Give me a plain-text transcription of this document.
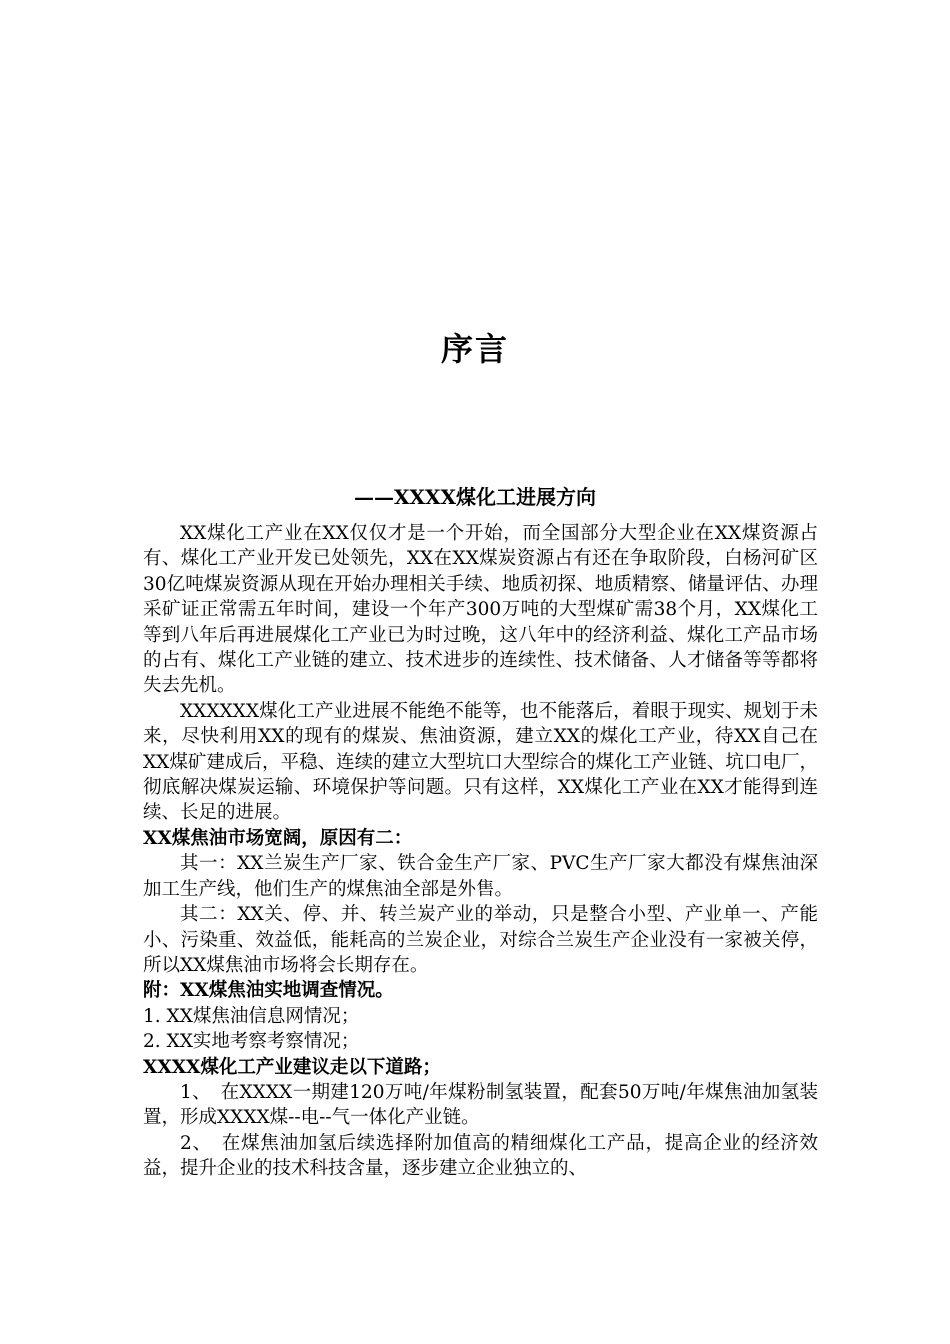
序言
——XXXX煤化工进展方向

XX煤化工产业在XX仅仅才是一个开始，而全国部分大型企业在XX煤资源占有、煤化工产业开发已处领先，XX在XX煤炭资源占有还在争取阶段，白杨河矿区30亿吨煤炭资源从现在开始办理相关手续、地质初探、地质精察、储量评估、办理采矿证正常需五年时间，建设一个年产300万吨的大型煤矿需38个月，XX煤化工等到八年后再进展煤化工产业已为时过晚，这八年中的经济利益、煤化工产品市场的占有、煤化工产业链的建立、技术进步的连续性、技术储备、人才储备等等都将失去先机。

XXXXXX煤化工产业进展不能绝不能等，也不能落后，着眼于现实、规划于未来，尽快利用XX的现有的煤炭、焦油资源，建立XX的煤化工产业，待XX自己在XX煤矿建成后，平稳、连续的建立大型坑口大型综合的煤化工产业链、坑口电厂，彻底解决煤炭运输、环境保护等问题。只有这样，XX煤化工产业在XX才能得到连续、长足的进展。

XX煤焦油市场宽阔，原因有二：

其一：XX兰炭生产厂家、铁合金生产厂家、PVC生产厂家大都没有煤焦油深加工生产线，他们生产的煤焦油全部是外售。

其二：XX关、停、并、转兰炭产业的举动，只是整合小型、产业单一、产能小、污染重、效益低，能耗高的兰炭企业，对综合兰炭生产企业没有一家被关停，所以XX煤焦油市场将会长期存在。

附：XX煤焦油实地调查情况。

1. XX煤焦油信息网情况；

2. XX实地考察考察情况；

XXXX煤化工产业建议走以下道路；

1、　在XXXX一期建120万吨/年煤粉制氢装置，配套50万吨/年煤焦油加氢装置，形成XXXX煤--电--气一体化产业链。

2、　在煤焦油加氢后续选择附加值高的精细煤化工产品，提高企业的经济效益，提升企业的技术科技含量，逐步建立企业独立的、
